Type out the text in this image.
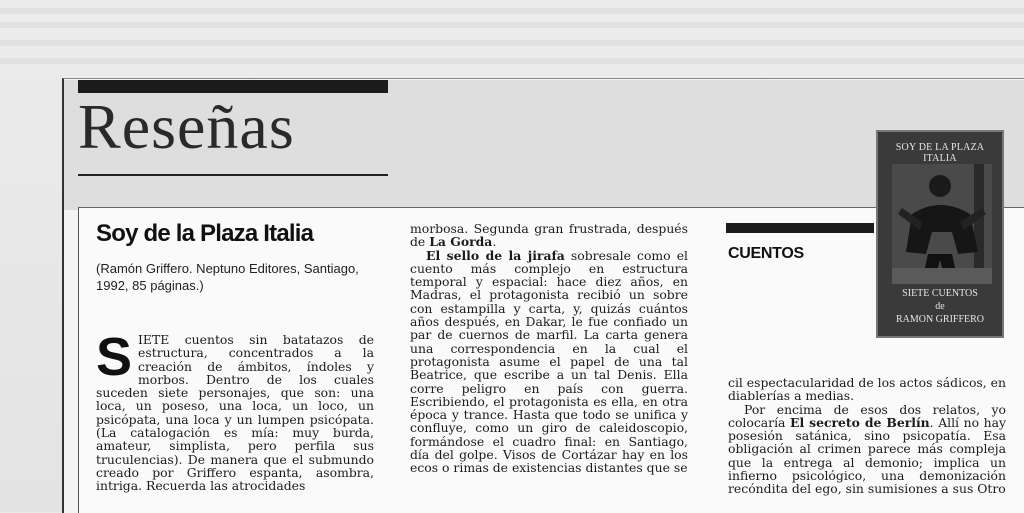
Reseñas
Soy de la Plaza Italia
(Ramón Griffero. Neptuno Editores, Santiago, 1992, 85 páginas.)
S IETE cuentos sin batatazos de estructura, concentrados a la creación de ámbitos, índoles y morbos. Dentro de los cuales suceden siete personajes, que son: una loca, un poseso, una loca, un loco, un psicópata, una loca y un lumpen psicópata. (La catalogación es mía: muy burda, amateur, simplista, pero perfila sus truculencias). De manera que el submundo creado por Griffero espanta, asombra, intriga. Recuerda las atrocidades

morbosa. Segunda gran frustrada, después de La Gorda.

El sello de la jirafa sobresale como el cuento más complejo en estructura temporal y espacial: hace diez años, en Madras, el protagonista recibió un sobre con estampilla y carta, y, quizás cuántos años después, en Dakar, le fue confiado un par de cuernos de marfil. La carta genera una correspondencia en la cual el protagonista asume el papel de una tal Beatrice, que escribe a un tal Denis. Ella corre peligro en país con guerra. Escribiendo, el protagonista es ella, en otra época y trance. Hasta que todo se unifica y confluye, como un giro de caleidoscopio, formándose el cuadro final: en Santiago, día del golpe. Visos de Cortázar hay en los ecos o rimas de existencias distantes que se

CUENTOS

cil espectacularidad de los actos sádicos, en diablerías a medias.

Por encima de esos dos relatos, yo colocaría El secreto de Berlín. Allí no hay posesión satánica, sino psicopatía. Esa obligación al crimen parece más compleja que la entrega al demonio; implica un infierno psicológico, una demonización recóndita del ego, sin sumisiones a sus Otro

SOY DE LA PLAZA ITALIA
SIETE CUENTOS
de
RAMON GRIFFERO
